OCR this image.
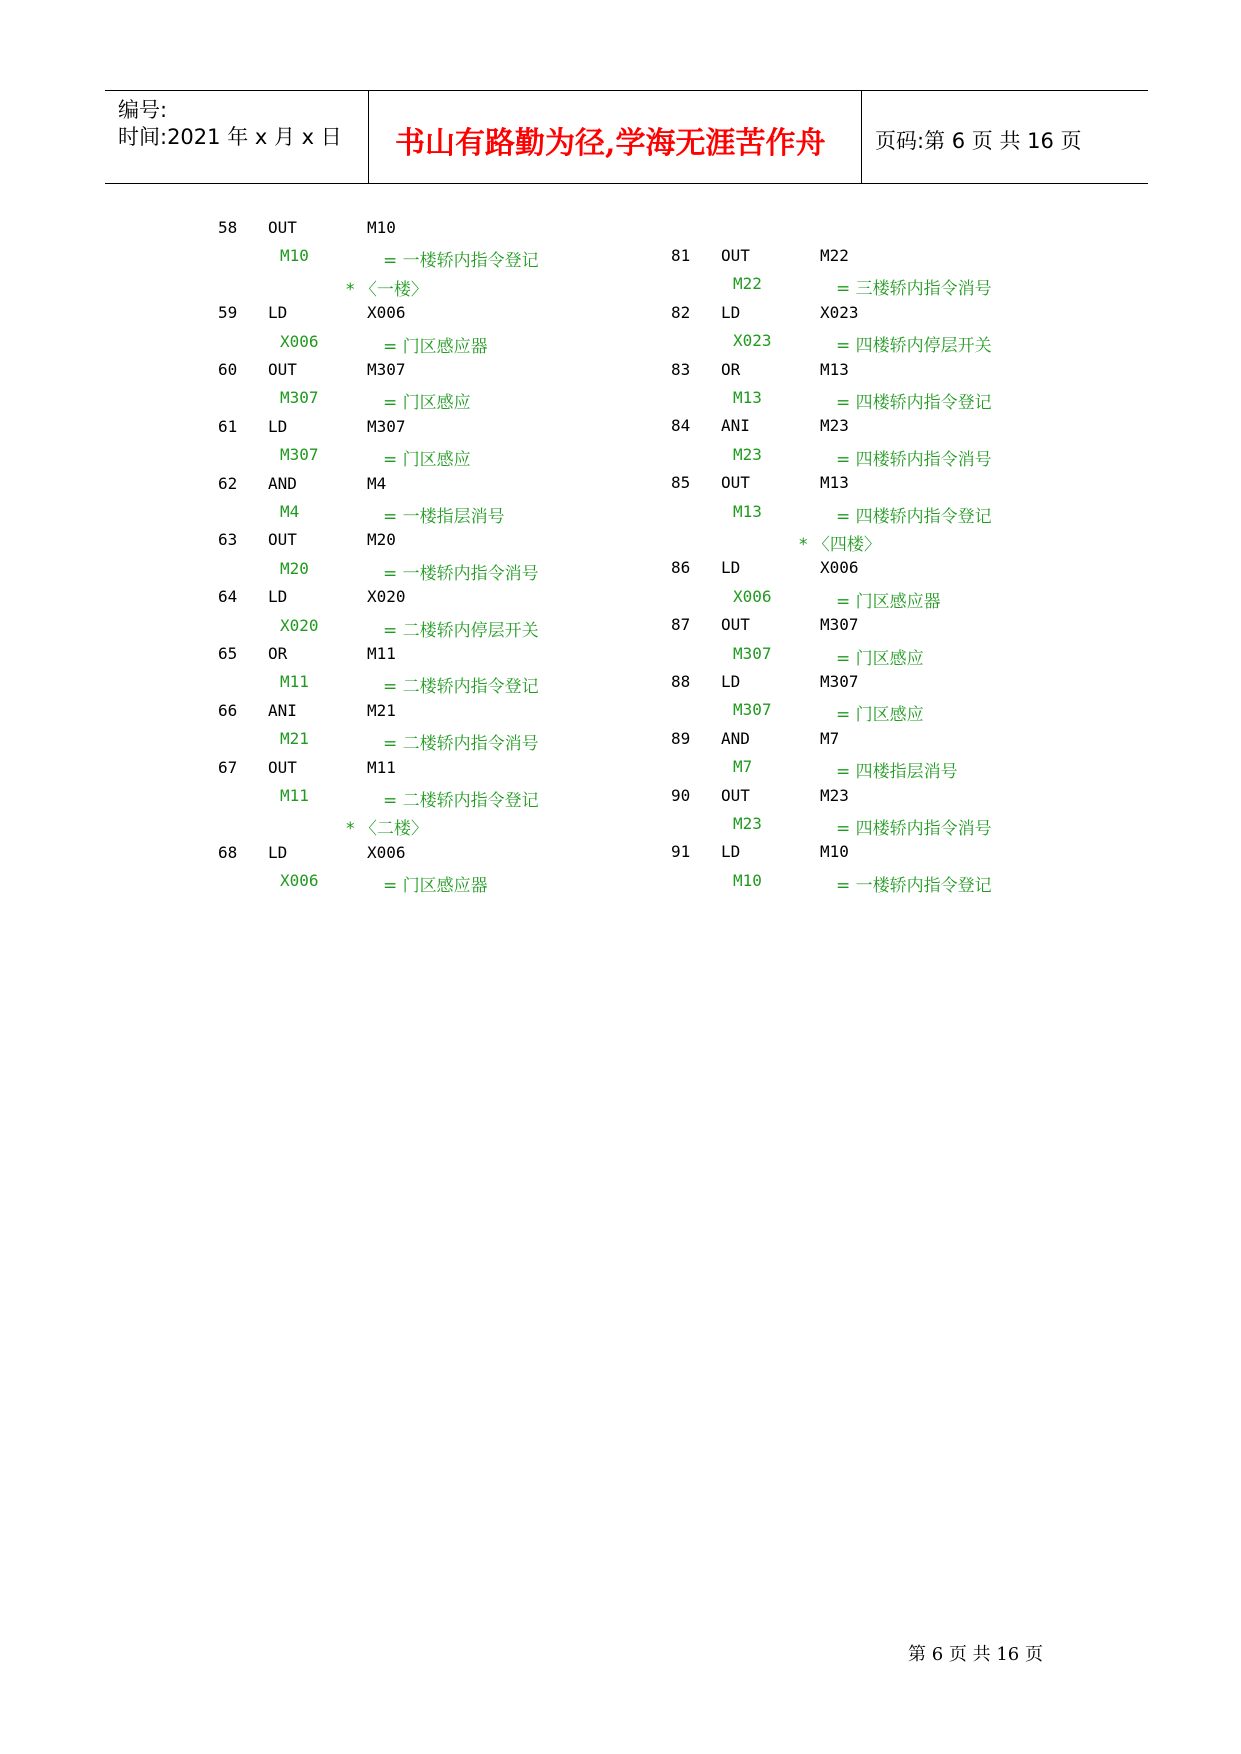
编号:
时间:2021 年 x 月 x 日 书山有路勤为径,学海无涯苦作舟 页码:第 6 页 共 16 页
58 OUT	M10
M10	= 一楼轿内指令登记
* 〈一楼〉
59 LD	X006
X006	= 门区感应器
60 OUT	M307
M307	= 门区感应
61 LD	M307
M307	= 门区感应
62 AND	M4
M4	= 一楼指层消号
63 OUT	M20
M20	= 一楼轿内指令消号
64 LD	X020
X020	= 二楼轿内停层开关
65 OR	M11
M11	= 二楼轿内指令登记
66 ANI	M21
M21	= 二楼轿内指令消号
67 OUT	M11
M11	= 二楼轿内指令登记
* 〈二楼〉
68 LD	X006
X006	= 门区感应器
81 OUT	M22
M22	= 三楼轿内指令消号
82 LD	X023
X023	= 四楼轿内停层开关
83 OR	M13
M13	= 四楼轿内指令登记
84 ANI	M23
M23	= 四楼轿内指令消号
85 OUT	M13
M13	= 四楼轿内指令登记
* 〈四楼〉
86 LD	X006
X006	= 门区感应器
87 OUT	M307
M307	= 门区感应
88 LD	M307
M307	= 门区感应
89 AND	M7
M7	= 四楼指层消号
90 OUT	M23
M23	= 四楼轿内指令消号
91 LD	M10
M10	= 一楼轿内指令登记
第 6 页 共 16 页
